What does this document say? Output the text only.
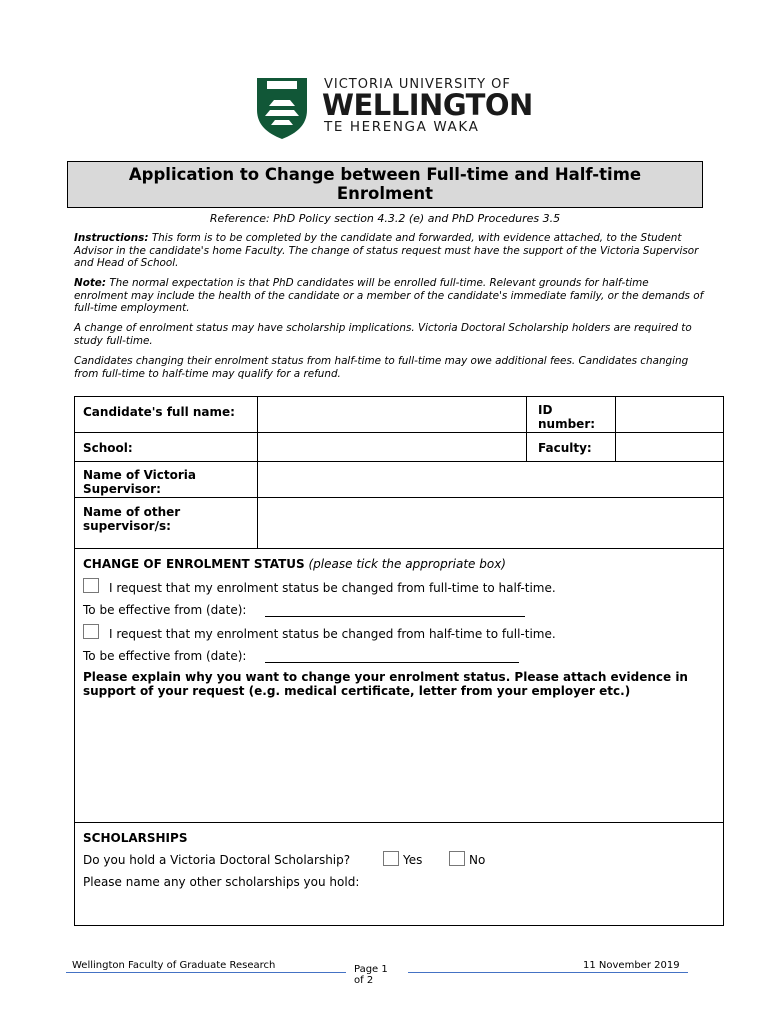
VICTORIA UNIVERSITY OF
WELLINGTON
TE HERENGA WAKA
Application to Change between Full-time and Half-time
Enrolment
Reference: PhD Policy section 4.3.2 (e) and PhD Procedures 3.5
Instructions: This form is to be completed by the candidate and forwarded, with evidence attached, to the Student Advisor in the candidate's home Faculty. The change of status request must have the support of the Victoria Supervisor and Head of School.
Note: The normal expectation is that PhD candidates will be enrolled full-time. Relevant grounds for half-time enrolment may include the health of the candidate or a member of the candidate's immediate family, or the demands of full-time employment.
A change of enrolment status may have scholarship implications. Victoria Doctoral Scholarship holders are required to study full-time.
Candidates changing their enrolment status from half-time to full-time may owe additional fees. Candidates changing from full-time to half-time may qualify for a refund.
Candidate's full name:	ID number:
School:	Faculty:
Name of Victoria Supervisor:
Name of other supervisor/s:
CHANGE OF ENROLMENT STATUS (please tick the appropriate box)
I request that my enrolment status be changed from full-time to half-time.
To be effective from (date):
I request that my enrolment status be changed from half-time to full-time.
To be effective from (date):
Please explain why you want to change your enrolment status. Please attach evidence in support of your request (e.g. medical certificate, letter from your employer etc.)
SCHOLARSHIPS
Do you hold a Victoria Doctoral Scholarship?	Yes	No
Please name any other scholarships you hold:
Wellington Faculty of Graduate Research	Page 1
of 2
11 November 2019
